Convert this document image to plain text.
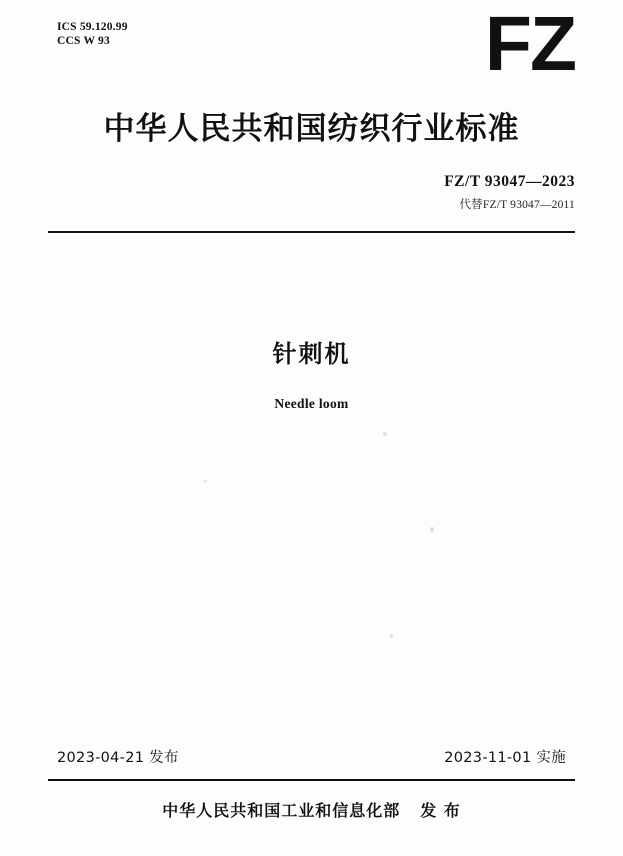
ICS 59.120.99
CCS W 93	FZ
中华人民共和国纺织行业标准
FZ/T 93047—2023
代替FZ/T 93047—2011
针刺机
Needle loom
2023-04-21 发布	2023-11-01 实施
中华人民共和国工业和信息化部 发 布
